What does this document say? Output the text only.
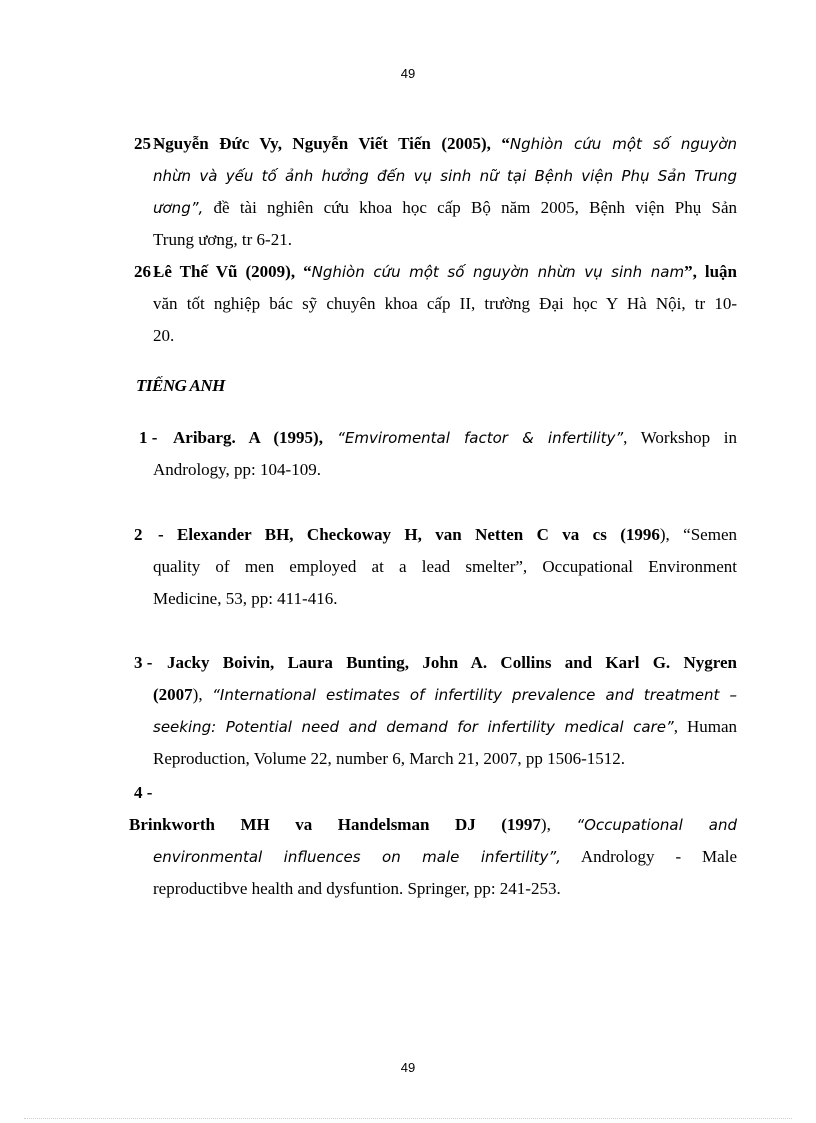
49
25 -
Nguyễn Đức Vy, Nguyễn Viết Tiến (2005), “Nghiòn cứu một số nguyờn
nhừn và yếu tố ảnh hưởng đến vụ sinh nữ tại Bệnh viện Phụ Sản Trung
ương”, đề tài nghiên cứu khoa học cấp Bộ năm 2005, Bệnh viện Phụ Sản
Trung ương, tr 6-21.
26 -
Lê Thế Vũ (2009), “Nghiòn cứu một số nguyờn nhừn vụ sinh nam”, luận
văn tốt nghiệp bác sỹ chuyên khoa cấp II, trường Đại học Y Hà Nội, tr 10-
20.
TIẾNG ANH
1 - Aribarg. A (1995), “Emviromental factor & infertility”, Workshop in
Andrology, pp: 104-109.
2 - Elexander BH, Checkoway H, van Netten C va cs (1996), “Semen
quality of men employed at a lead smelter”, Occupational Environment
Medicine, 53, pp: 411-416.
3 - Jacky Boivin, Laura Bunting, John A. Collins and Karl G. Nygren
(2007), “International estimates of infertility prevalence and treatment –
seeking: Potential need and demand for infertility medical care”, Human
Reproduction, Volume 22, number 6, March 21, 2007, pp 1506-1512.
4 -
Brinkworth MH va Handelsman DJ (1997), “Occupational and
environmental influences on male infertility”, Andrology - Male
reproductibve health and dysfuntion. Springer, pp: 241-253.
49
